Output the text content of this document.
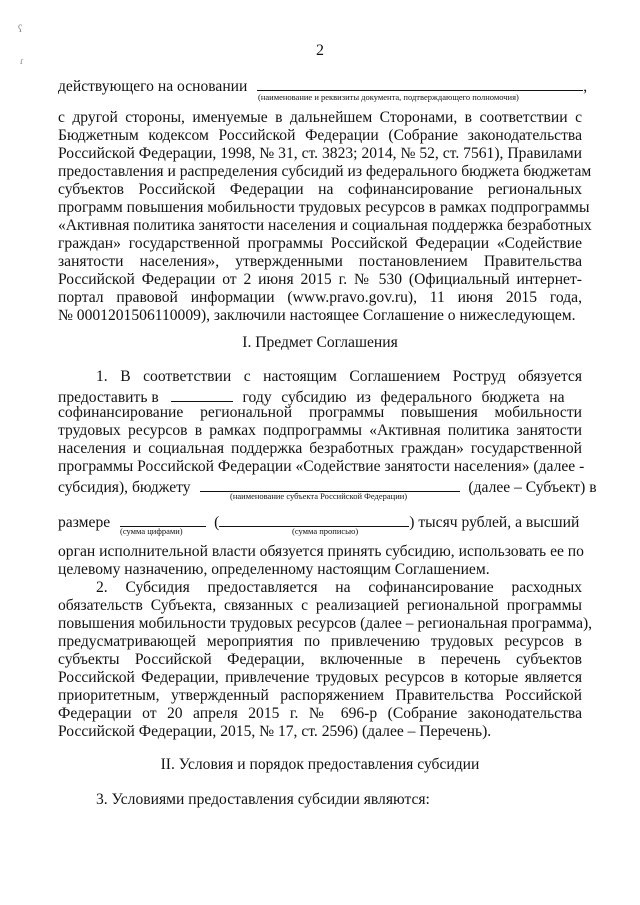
ʕ
ɾ
2
действующего на основании	,
(наименование и реквизиты документа, подтверждающего полномочия)
с другой стороны, именуемые в дальнейшем Сторонами, в соответствии с
Бюджетным кодексом Российской Федерации (Собрание законодательства
Российской Федерации, 1998, № 31, ст. 3823; 2014, № 52, ст. 7561), Правилами
предоставления и распределения субсидий из федерального бюджета бюджетам
субъектов Российской Федерации на софинансирование региональных
программ повышения мобильности трудовых ресурсов в рамках подпрограммы
«Активная политика занятости населения и социальная поддержка безработных
граждан» государственной программы Российской Федерации «Содействие
занятости населения», утвержденными постановлением Правительства
Российской Федерации от 2 июня 2015 г. № 530 (Официальный интернет-
портал правовой информации (www.pravo.gov.ru), 11 июня 2015 года,
№ 0001201506110009), заключили настоящее Соглашение о нижеследующем.
I. Предмет Соглашения
1. В соответствии с настоящим Соглашением Роструд обязуется
предоставить в	году субсидию из федерального бюджета на
софинансирование региональной программы повышения мобильности
трудовых ресурсов в рамках подпрограммы «Активная политика занятости
населения и социальная поддержка безработных граждан» государственной
программы Российской Федерации «Содействие занятости населения» (далее -
субсидия), бюджету	(далее – Субъект) в
(наименование субъекта Российской Федерации)
размере	(	) тысяч рублей, а высший
(сумма цифрами)	(сумма прописью)
орган исполнительной власти обязуется принять субсидию, использовать ее по
целевому назначению, определенному настоящим Соглашением.
2. Субсидия предоставляется на софинансирование расходных
обязательств Субъекта, связанных с реализацией региональной программы
повышения мобильности трудовых ресурсов (далее – региональная программа),
предусматривающей мероприятия по привлечению трудовых ресурсов в
субъекты Российской Федерации, включенные в перечень субъектов
Российской Федерации, привлечение трудовых ресурсов в которые является
приоритетным, утвержденный распоряжением Правительства Российской
Федерации от 20 апреля 2015 г. № 696-р (Собрание законодательства
Российской Федерации, 2015, № 17, ст. 2596) (далее – Перечень).
II. Условия и порядок предоставления субсидии
3. Условиями предоставления субсидии являются:
